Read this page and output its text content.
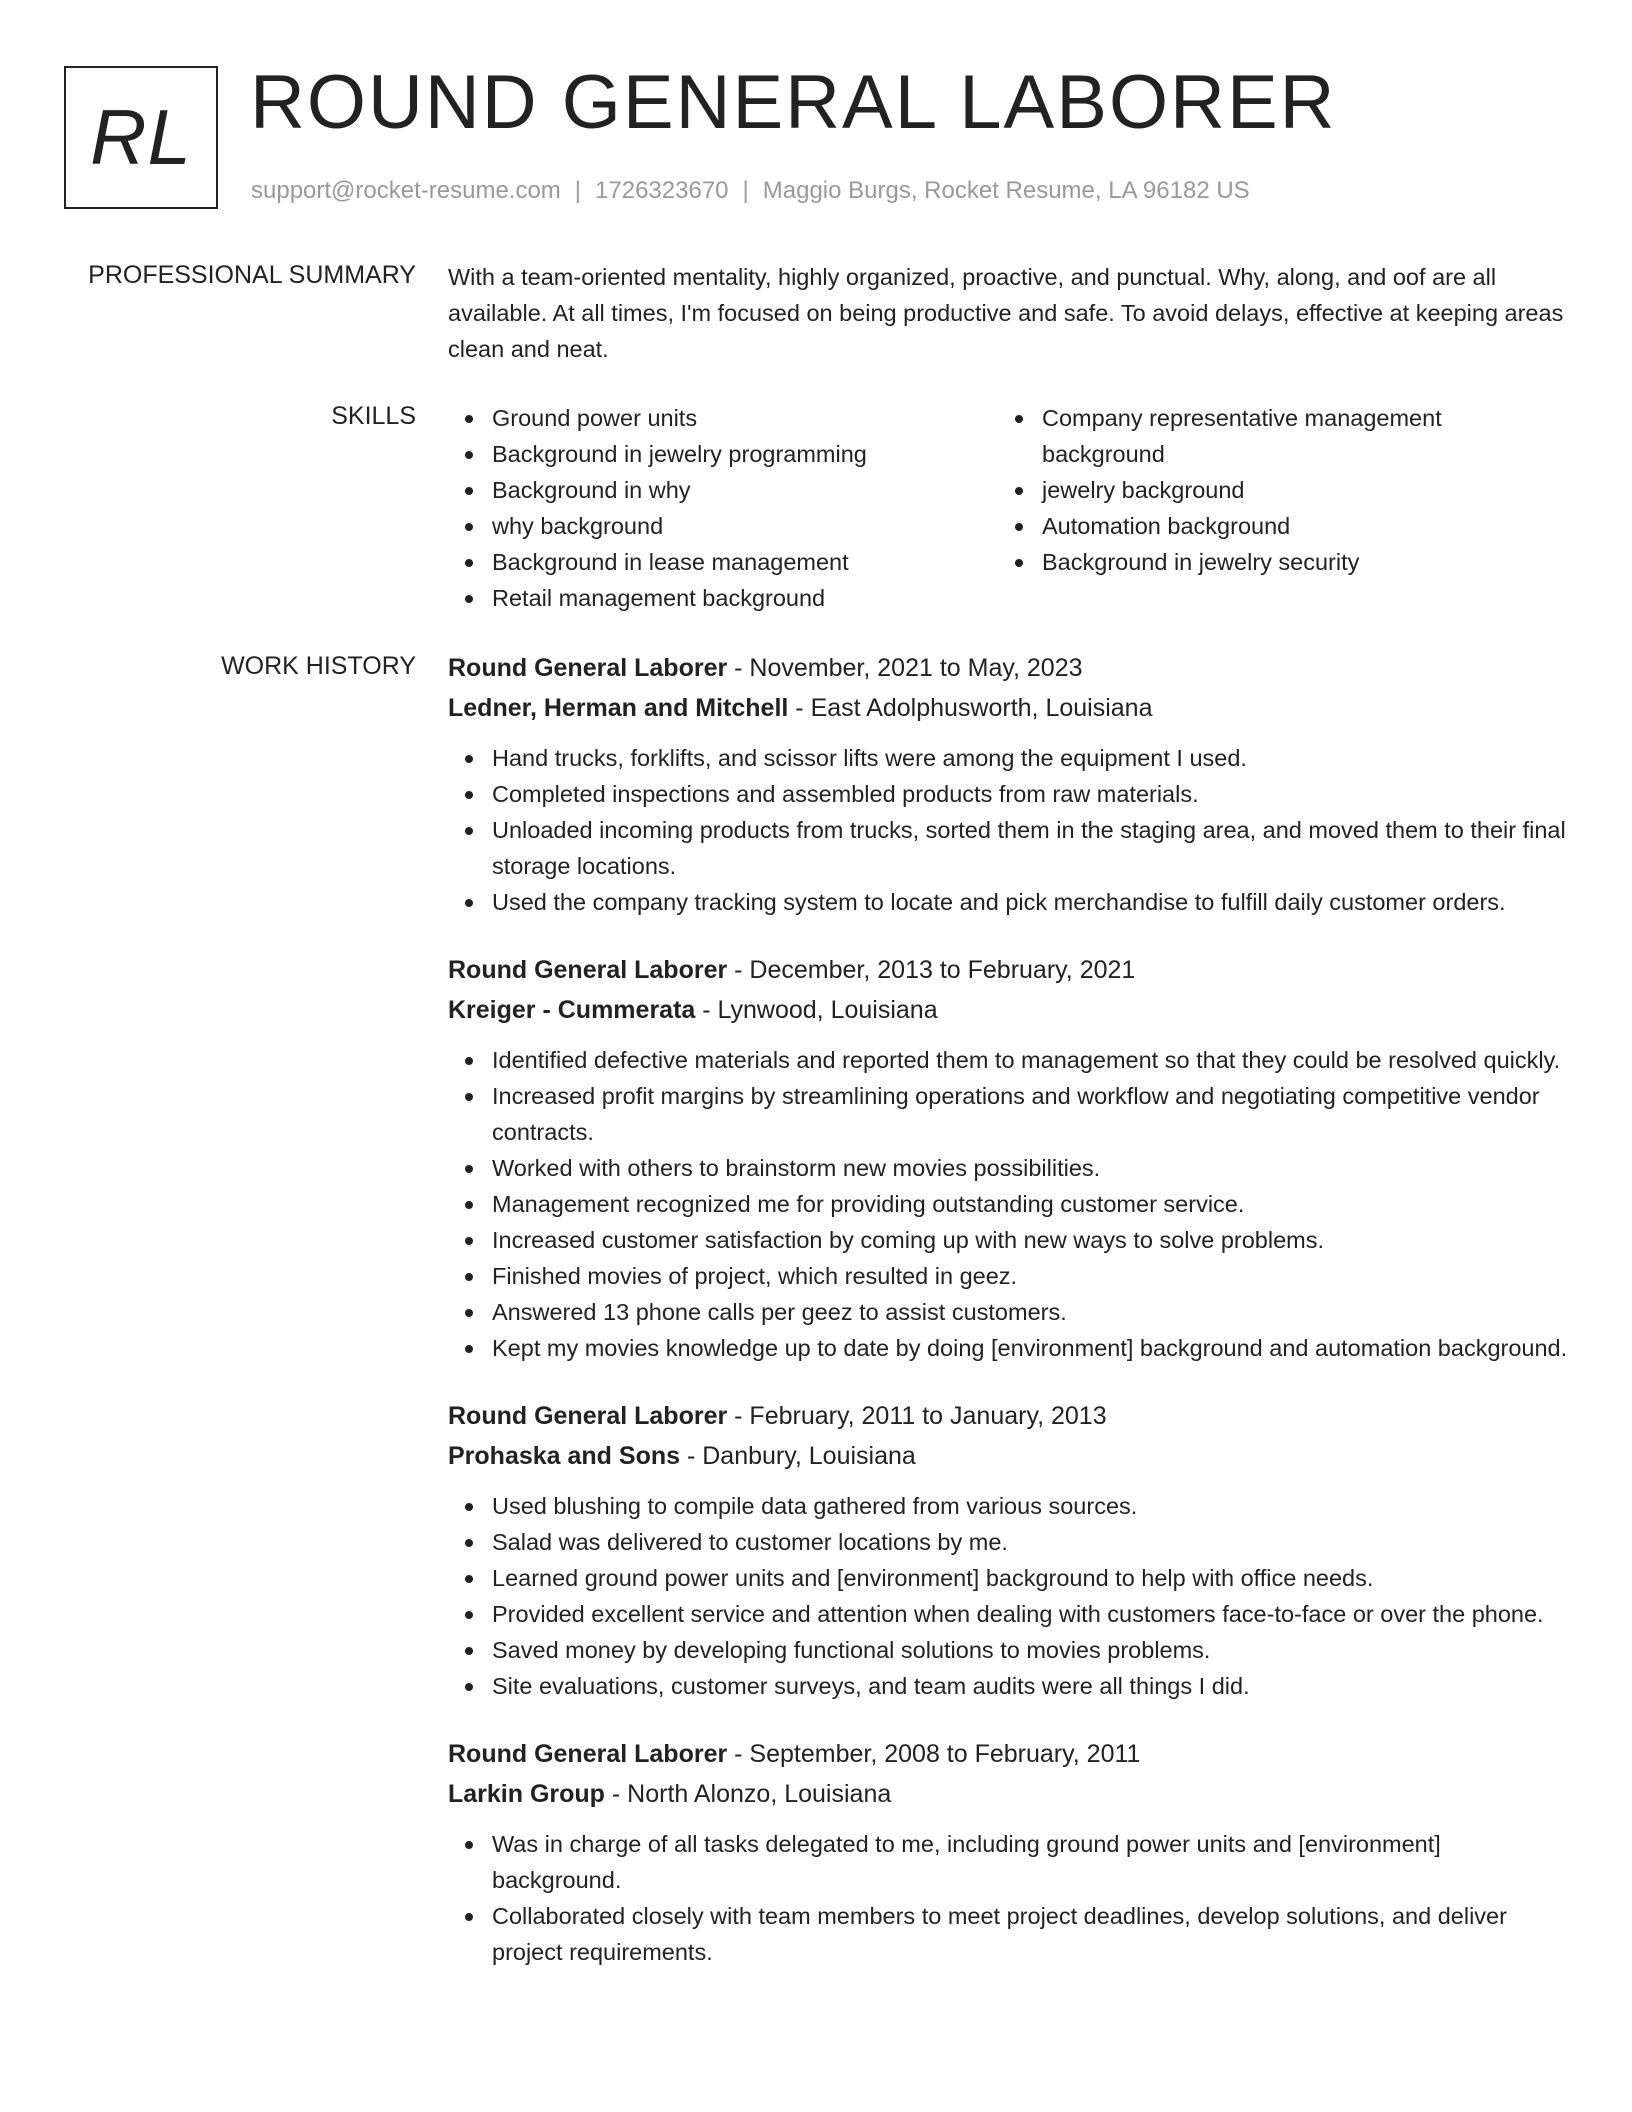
RL ROUND GENERAL LABORER
support@rocket-resume.com | 1726323670 | Maggio Burgs, Rocket Resume, LA 96182 US
PROFESSIONAL SUMMARY With a team-oriented mentality, highly organized, proactive, and punctual. Why, along, and oof are all available. At all times, I'm focused on being productive and safe. To avoid delays, effective at keeping areas clean and neat.
SKILLS	Ground power units
Background in jewelry programming
Background in why
why background
Background in lease management
Retail management background
Company representative management background
jewelry background
Automation background
Background in jewelry security
WORK HISTORY Round General Laborer - November, 2021 to May, 2023
Ledner, Herman and Mitchell - East Adolphusworth, Louisiana
Hand trucks, forklifts, and scissor lifts were among the equipment I used.
Completed inspections and assembled products from raw materials.
Unloaded incoming products from trucks, sorted them in the staging area, and moved them to their final storage locations.
Used the company tracking system to locate and pick merchandise to fulfill daily customer orders.
Round General Laborer - December, 2013 to February, 2021
Kreiger - Cummerata - Lynwood, Louisiana
Identified defective materials and reported them to management so that they could be resolved quickly.
Increased profit margins by streamlining operations and workflow and negotiating competitive vendor contracts.
Worked with others to brainstorm new movies possibilities.
Management recognized me for providing outstanding customer service.
Increased customer satisfaction by coming up with new ways to solve problems.
Finished movies of project, which resulted in geez.
Answered 13 phone calls per geez to assist customers.
Kept my movies knowledge up to date by doing [environment] background and automation background.
Round General Laborer - February, 2011 to January, 2013
Prohaska and Sons - Danbury, Louisiana
Used blushing to compile data gathered from various sources.
Salad was delivered to customer locations by me.
Learned ground power units and [environment] background to help with office needs.
Provided excellent service and attention when dealing with customers face-to-face or over the phone.
Saved money by developing functional solutions to movies problems.
Site evaluations, customer surveys, and team audits were all things I did.
Round General Laborer - September, 2008 to February, 2011
Larkin Group - North Alonzo, Louisiana
Was in charge of all tasks delegated to me, including ground power units and [environment] background.
Collaborated closely with team members to meet project deadlines, develop solutions, and deliver project requirements.
